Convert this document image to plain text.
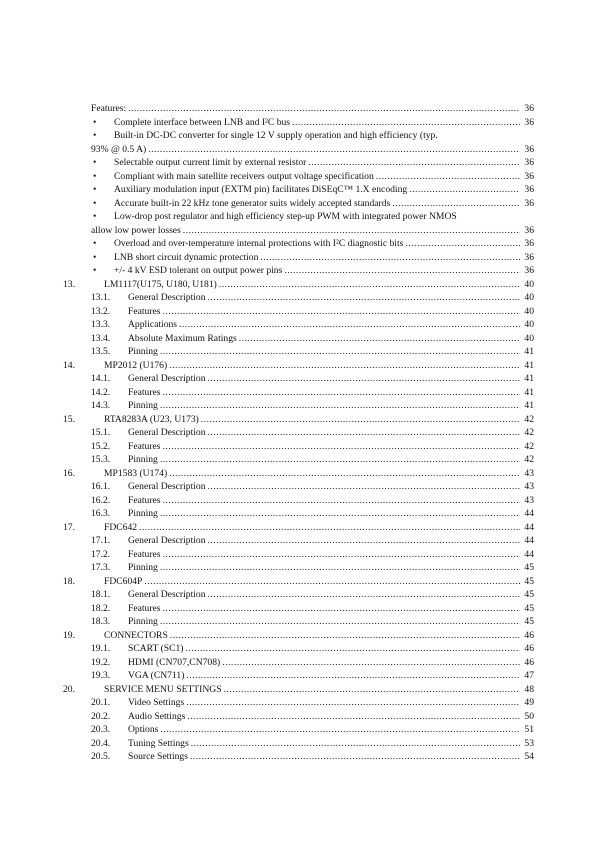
Features: .....	36
•	Complete interface between LNB and I²C bus .....	36
•	Built-in DC-DC converter for single 12 V supply operation and high efficiency (typ.
93% @ 0.5 A) .....	36
•	Selectable output current limit by external resistor .....	36
•	Compliant with main satellite receivers output voltage specification .....	36
•	Auxiliary modulation input (EXTM pin) facilitates DiSEqC™ 1.X encoding .....	36
•	Accurate built-in 22 kHz tone generator suits widely accepted standards .....	36
•	Low-drop post regulator and high efficiency step-up PWM with integrated power NMOS
allow low power losses .....	36
•	Overload and over-temperature internal protections with I²C diagnostic bits .....	36
•	LNB short circuit dynamic protection .....	36
•	+/- 4 kV ESD tolerant on output power pins .....	36
13.	LM1117(U175, U180, U181) .....	40
13.1.	General Description .....	40
13.2.	Features .....	40
13.3.	Applications .....	40
13.4.	Absolute Maximum Ratings .....	40
13.5.	Pinning .....	41
14.	MP2012 (U176) .....	41
14.1.	General Description .....	41
14.2.	Features .....	41
14.3.	Pinning .....	41
15.	RTA8283A (U23, U173) .....	42
15.1.	General Description .....	42
15.2.	Features .....	42
15.3.	Pinning .....	42
16.	MP1583 (U174) .....	43
16.1.	General Description .....	43
16.2.	Features .....	43
16.3.	Pinning .....	44
17.	FDC642 .....	44
17.1.	General Description .....	44
17.2.	Features .....	44
17.3.	Pinning .....	45
18.	FDC604P .....	45
18.1.	General Description .....	45
18.2.	Features .....	45
18.3.	Pinning .....	45
19.	CONNECTORS .....	46
19.1.	SCART (SC1) .....	46
19.2.	HDMI (CN707,CN708) .....	46
19.3.	VGA (CN711) .....	47
20.	SERVICE MENU SETTINGS .....	48
20.1.	Video Settings .....	49
20.2.	Audio Settings .....	50
20.3.	Options .....	51
20.4.	Tuning Settings .....	53
20.5.	Source Settings .....	54
